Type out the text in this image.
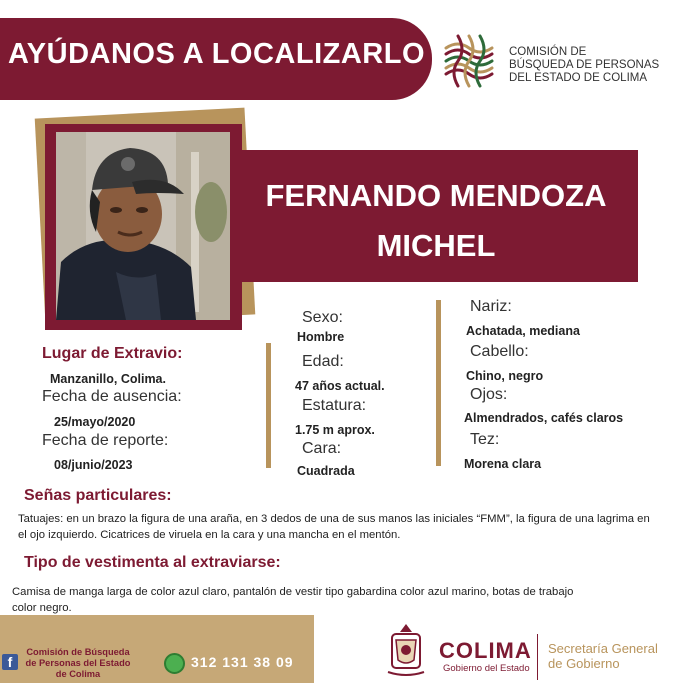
AYÚDANOS A LOCALIZARLO	COMISIÓN DE
BÚSQUEDA DE PERSONAS
DEL ESTADO DE COLIMA
FERNANDO MENDOZA
MICHEL
Lugar de Extravio:
Manzanillo, Colima.
Fecha de ausencia:
25/mayo/2020
Fecha de reporte:
08/junio/2023
Sexo:
Hombre
Edad:
47 años actual.
Estatura:
1.75 m aprox.
Cara:
Cuadrada
Nariz:
Achatada, mediana
Cabello:
Chino, negro
Ojos:
Almendrados, cafés claros
Tez:
Morena clara
Señas particulares:
Tatuajes: en un brazo la figura de una araña, en 3 dedos de una de sus manos las iniciales “FMM”, la figura de una lagrima en el ojo izquierdo. Cicatrices de viruela en la cara y una mancha en el mentón.
Tipo de vestimenta al extraviarse:
Camisa de manga larga de color azul claro, pantalón de vestir tipo gabardina color azul marino, botas de trabajo color negro.
f
Comisión de Búsqueda de Personas del Estado de Colima
312 131 38 09	COLIMA
Gobierno del Estado
Secretaría General
de Gobierno
